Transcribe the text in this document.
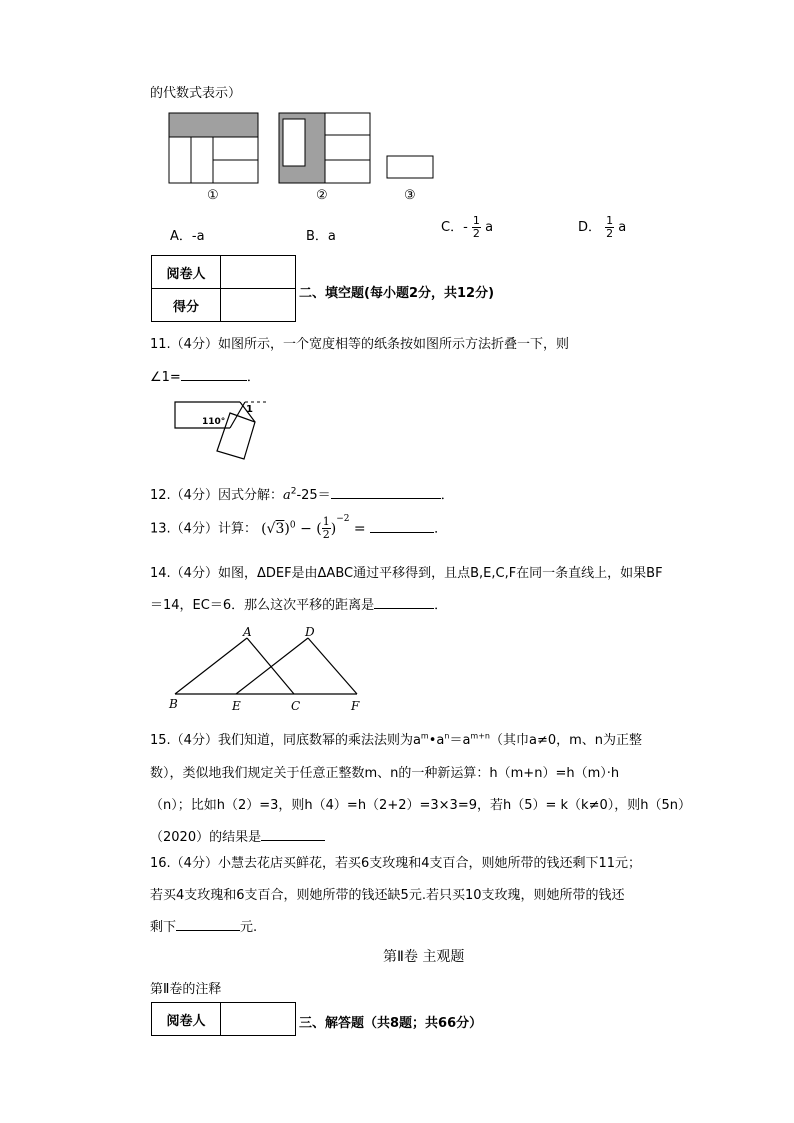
的代数式表示）
①	②	③
A．-a	B．a
C．- $\frac{1}{2}$ a	D． $\frac{1}{2}$ a
阅卷人	
得分	
二、填空题(每小题2分，共12分)
11.（4分）如图所示，一个宽度相等的纸条按如图所示方法折叠一下，则
∠1=	．
110°
1
12.（4分）因式分解：$a^2-25=$	．
13.（4分）计算： $(√3)^0$ − ( $\frac{1}{2} )^{-2}$ =	．
14.（4分）如图，ΔDEF是由ΔABC通过平移得到，且点B,E,C,F在同一条直线上，如果BF
＝14，EC＝6．那么这次平移的距离是	．
A	D
B	E	C	F
15.（4分）我们知道，同底数幂的乘法法则为$a^m•a^n=a^{m+n}$（其巾a≠0，m、n为正整
数），类似地我们规定关于任意正整数m、n的一种新运算：h（m+n）=h（m）·h
（n）；比如h（2）=3，则h（4）=h（2+2）=3×3=9，若h（5）= k（k≠0），则h（5n）
（2020）的结果是
16.（4分）小慧去花店买鲜花，若买6支玫瑰和4支百合，则她所带的钱还剩下11元；
若买4支玫瑰和6支百合，则她所带的钱还缺5元.若只买10支玫瑰，则她所带的钱还
剩下	元.
第Ⅱ卷 主观题
第Ⅱ卷的注释
阅卷人		三、解答题（共8题；共66分）
